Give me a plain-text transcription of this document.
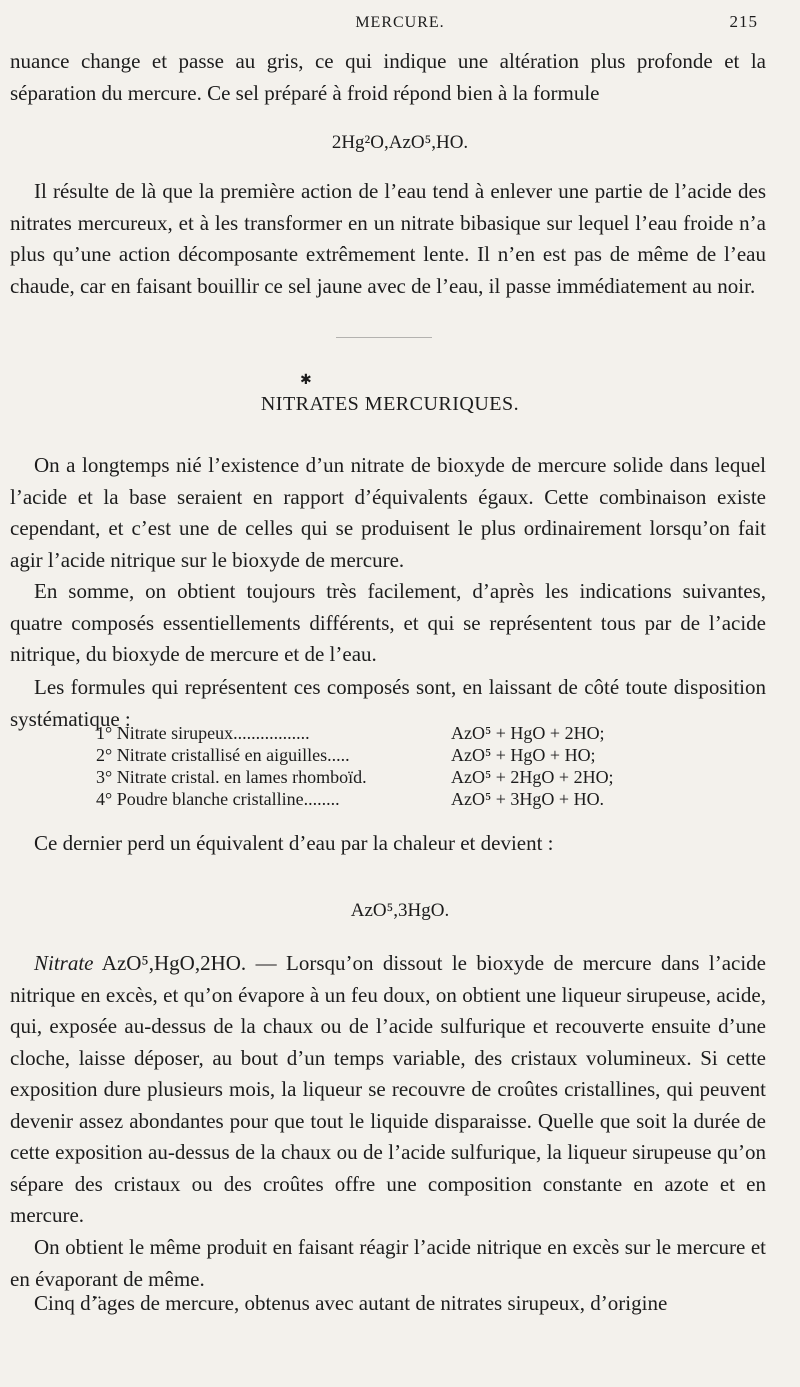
MERCURE.	215

nuance change et passe au gris, ce qui indique une altération plus profonde et la séparation du mercure. Ce sel préparé à froid répond bien à la formule

2Hg²O,AzO⁵,HO.

Il résulte de là que la première action de l’eau tend à enlever une partie de l’acide des nitrates mercureux, et à les transformer en un nitrate bibasique sur lequel l’eau froide n’a plus qu’une action décomposante extrêmement lente. Il n’en est pas de même de l’eau chaude, car en faisant bouillir ce sel jaune avec de l’eau, il passe immédiatement au noir.

✱
NITRATES MERCURIQUES.

On a longtemps nié l’existence d’un nitrate de bioxyde de mercure solide dans lequel l’acide et la base seraient en rapport d’équivalents égaux. Cette combinaison existe cependant, et c’est une de celles qui se produisent le plus ordinairement lorsqu’on fait agir l’acide nitrique sur le bioxyde de mercure.

En somme, on obtient toujours très facilement, d’après les indications suivantes, quatre composés essentiellements différents, et qui se représentent tous par de l’acide nitrique, du bioxyde de mercure et de l’eau.

Les formules qui représentent ces composés sont, en laissant de côté toute disposition systématique :

1° Nitrate sirupeux.................	AzO⁵ + HgO + 2HO;
2° Nitrate cristallisé en aiguilles.....	AzO⁵ + HgO + HO;
3° Nitrate cristal. en lames rhomboïd.	AzO⁵ + 2HgO + 2HO;
4° Poudre blanche cristalline........	AzO⁵ + 3HgO + HO.

Ce dernier perd un équivalent d’eau par la chaleur et devient :

AzO⁵,3HgO.

Nitrate AzO⁵,HgO,2HO. — Lorsqu’on dissout le bioxyde de mercure dans l’acide nitrique en excès, et qu’on évapore à un feu doux, on obtient une liqueur sirupeuse, acide, qui, exposée au-dessus de la chaux ou de l’acide sulfurique et recouverte ensuite d’une cloche, laisse déposer, au bout d’un temps variable, des cristaux volumineux. Si cette exposition dure plusieurs mois, la liqueur se recouvre de croûtes cristallines, qui peuvent devenir assez abondantes pour que tout le liquide disparaisse. Quelle que soit la durée de cette exposition au-dessus de la chaux ou de l’acide sulfurique, la liqueur sirupeuse qu’on sépare des cristaux ou des croûtes offre une composition constante en azote et en mercure.

On obtient le même produit en faisant réagir l’acide nitrique en excès sur le mercure et en évaporant de même.

Cinq d’̈ages de mercure, obtenus avec autant de nitrates sirupeux, d’origine
